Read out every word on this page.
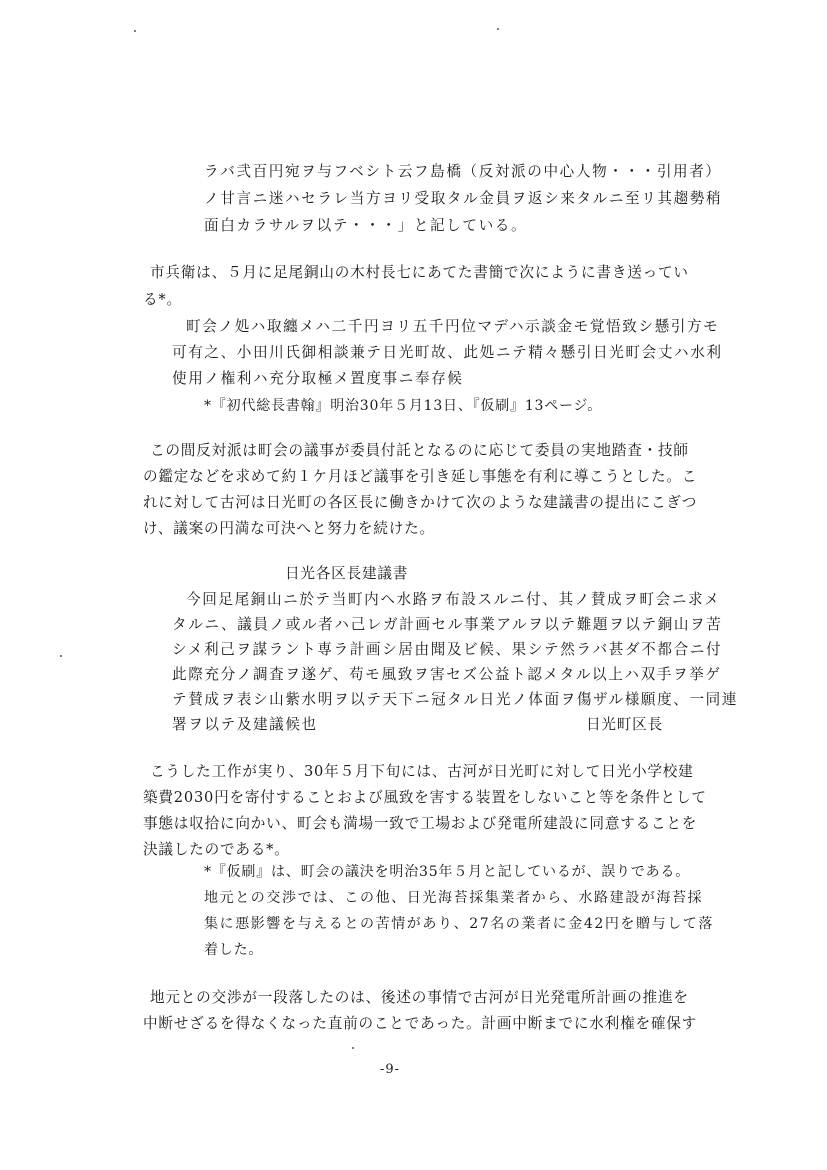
ラバ弐百円宛ヲ与フベシト云フ島橋（反対派の中心人物・・・引用者）
ノ甘言ニ迷ハセラレ当方ヨリ受取タル金員ヲ返シ来タルニ至リ其趨勢稍
面白カラサルヲ以テ・・・」と記している。
市兵衛は、５月に足尾銅山の木村長七にあてた書簡で次にように書き送ってい
る*。
町会ノ処ハ取纏メハ二千円ヨリ五千円位マデハ示談金モ覚悟致シ懸引方モ
可有之、小田川氏御相談兼テ日光町故、此処ニテ精々懸引日光町会丈ハ水利
使用ノ権利ハ充分取極メ置度事ニ奉存候
*『初代総長書翰』明治30年５月13日、『仮刷』13ページ。
この間反対派は町会の議事が委員付託となるのに応じて委員の実地踏査・技師
の鑑定などを求めて約１ケ月ほど議事を引き延し事態を有利に導こうとした。こ
れに対して古河は日光町の各区長に働きかけて次のような建議書の提出にこぎつ
け、議案の円満な可決へと努力を続けた。
日光各区長建議書
今回足尾銅山ニ於テ当町内ヘ水路ヲ布設スルニ付、其ノ賛成ヲ町会ニ求メ
タルニ、議員ノ或ル者ハ己レガ計画セル事業アルヲ以テ難題ヲ以テ銅山ヲ苦
シメ利己ヲ謀ラント専ラ計画シ居由聞及ビ候、果シテ然ラバ甚ダ不都合ニ付
此際充分ノ調査ヲ遂ゲ、苟モ風致ヲ害セズ公益ト認メタル以上ハ双手ヲ挙ゲ
テ賛成ヲ表シ山紫水明ヲ以テ天下ニ冠タル日光ノ体面ヲ傷ザル様願度、一同連
署ヲ以テ及建議候也	日光町区長
こうした工作が実り、30年５月下旬には、古河が日光町に対して日光小学校建
築費2030円を寄付することおよび風致を害する装置をしないこと等を条件として
事態は収拾に向かい、町会も満場一致で工場および発電所建設に同意することを
決議したのである*。
*『仮刷』は、町会の議決を明治35年５月と記しているが、誤りである。
地元との交渉では、この他、日光海苔採集業者から、水路建設が海苔採
集に悪影響を与えるとの苦情があり、27名の業者に金42円を贈与して落
着した。
地元との交渉が一段落したのは、後述の事情で古河が日光発電所計画の推進を
中断せざるを得なくなった直前のことであった。計画中断までに水利権を確保す
-9-
